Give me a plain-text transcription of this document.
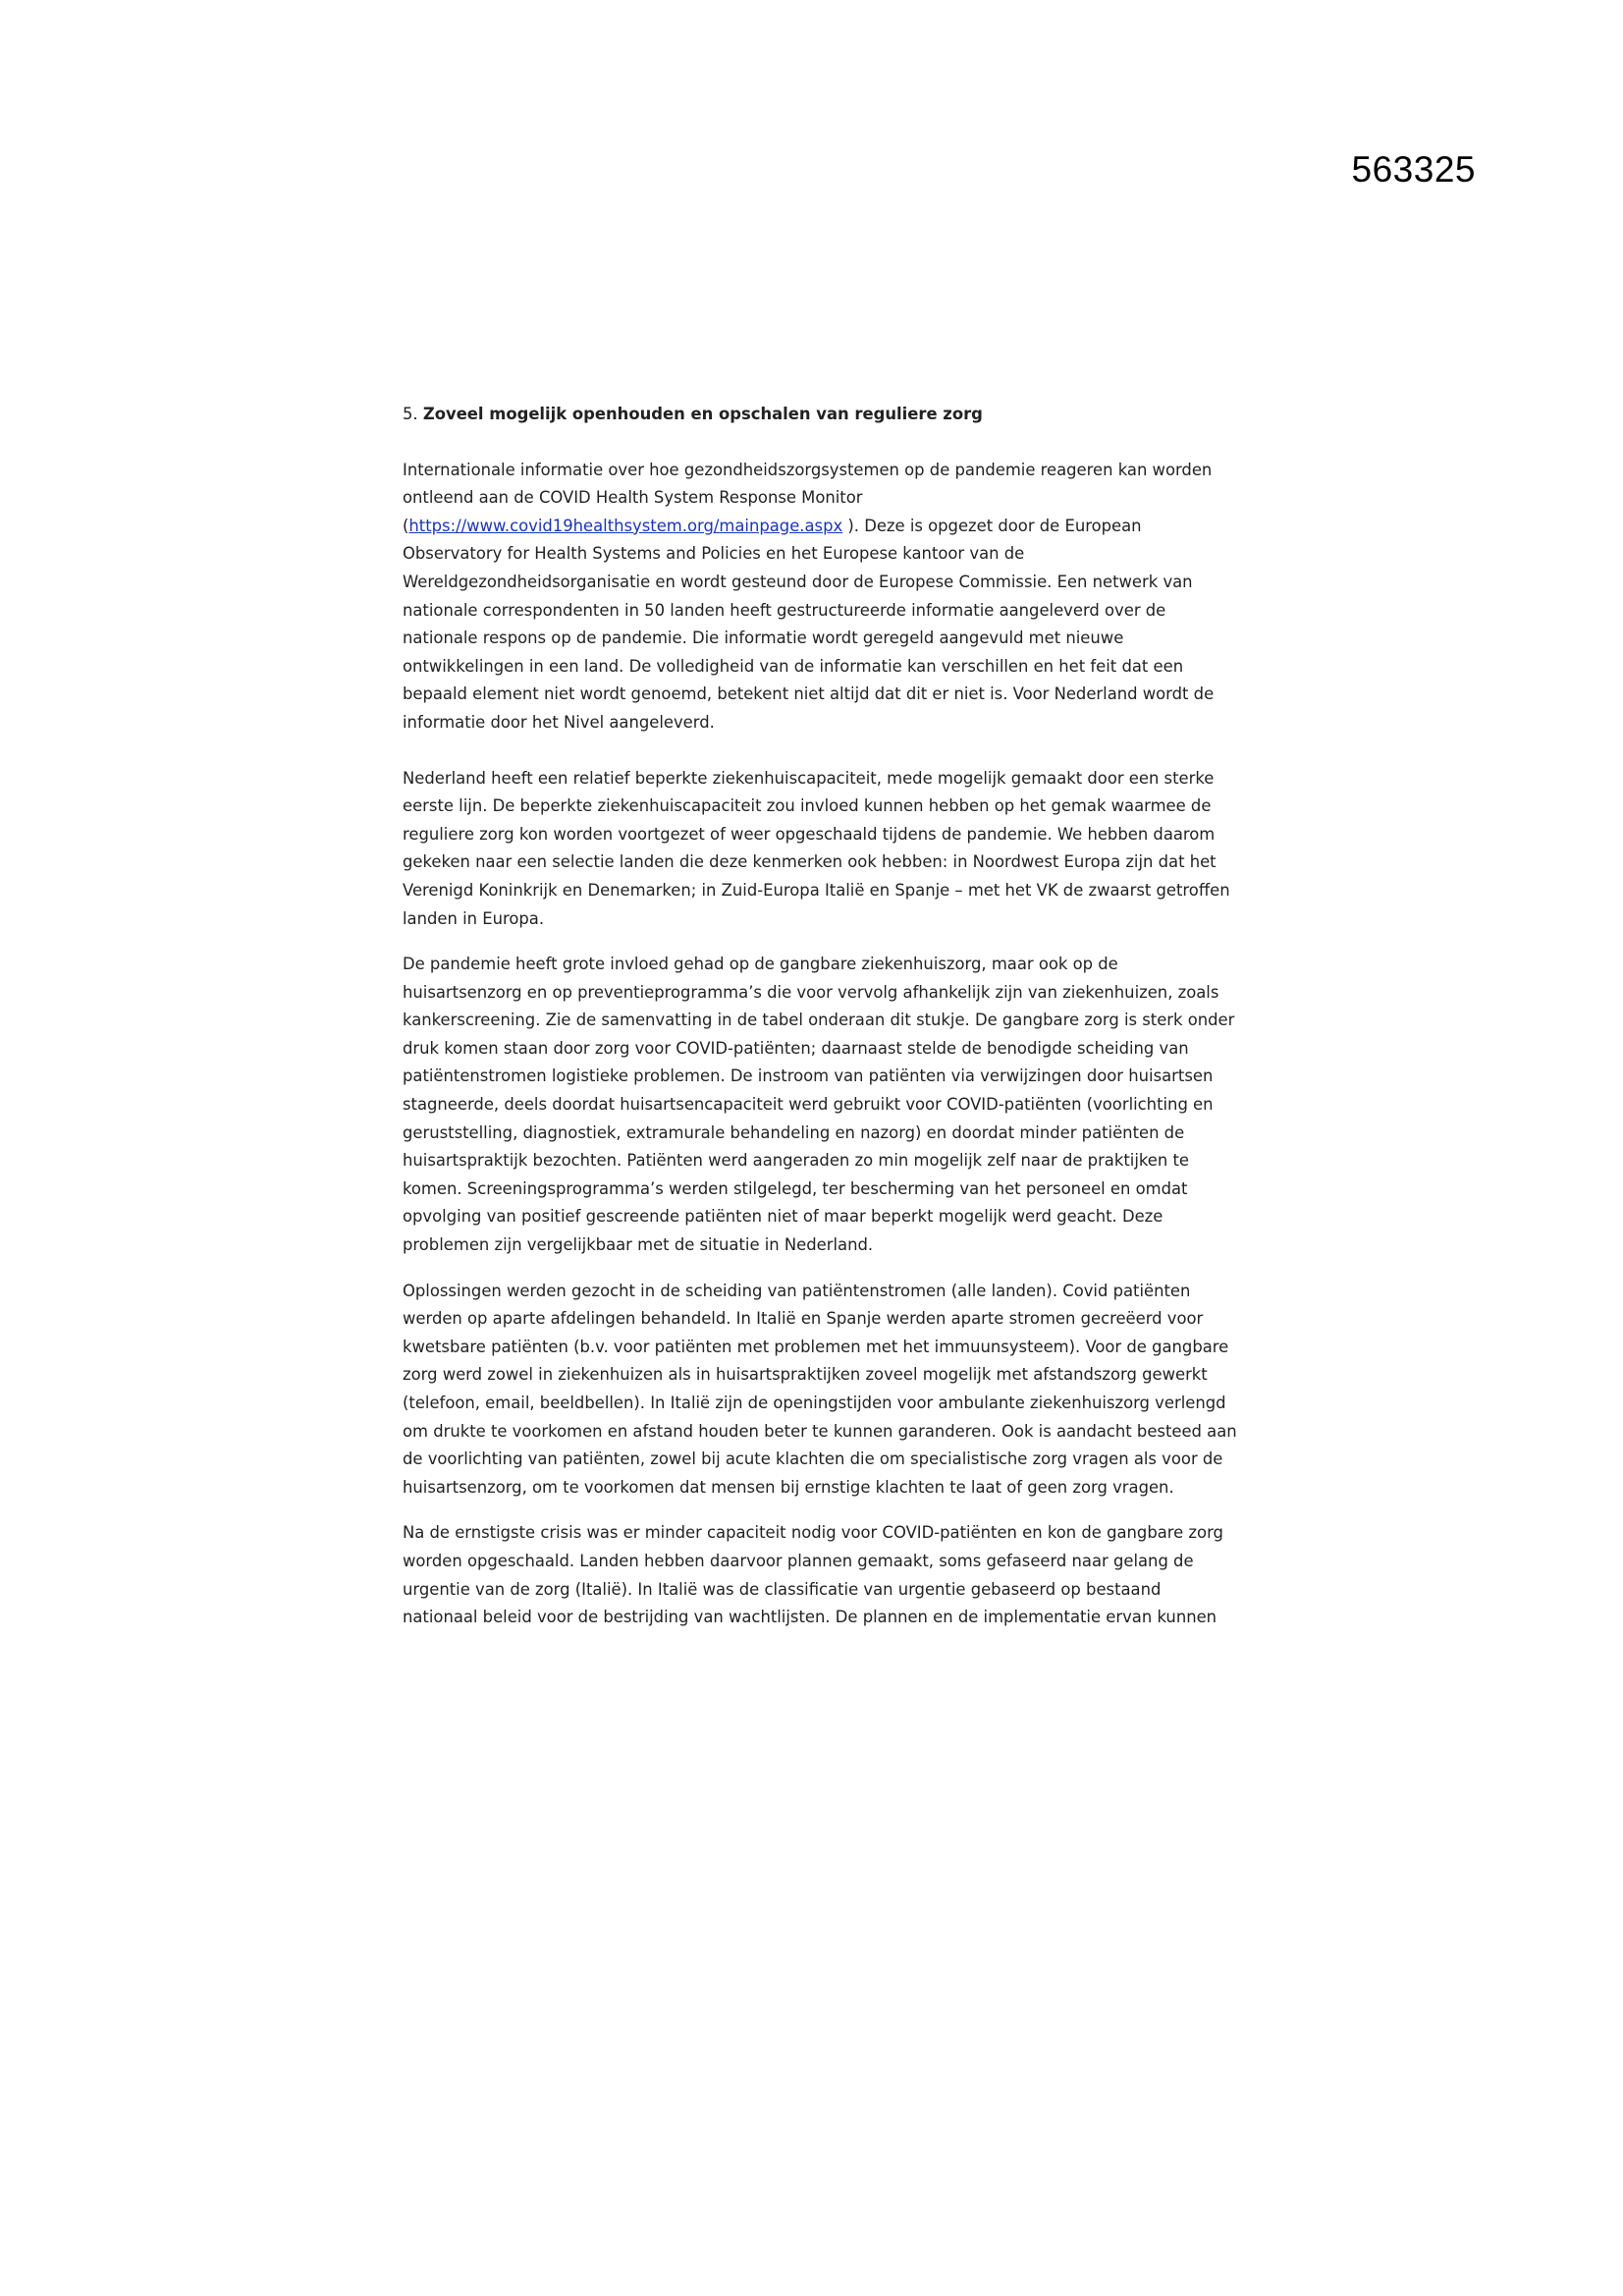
563325
5. Zoveel mogelijk openhouden en opschalen van reguliere zorg

Internationale informatie over hoe gezondheidszorgsystemen op de pandemie reageren kan worden ontleend aan de COVID Health System Response Monitor (https://www.covid19healthsystem.org/mainpage.aspx ). Deze is opgezet door de European Observatory for Health Systems and Policies en het Europese kantoor van de Wereldgezondheidsorganisatie en wordt gesteund door de Europese Commissie. Een netwerk van nationale correspondenten in 50 landen heeft gestructureerde informatie aangeleverd over de nationale respons op de pandemie. Die informatie wordt geregeld aangevuld met nieuwe ontwikkelingen in een land. De volledigheid van de informatie kan verschillen en het feit dat een bepaald element niet wordt genoemd, betekent niet altijd dat dit er niet is. Voor Nederland wordt de informatie door het Nivel aangeleverd.

Nederland heeft een relatief beperkte ziekenhuiscapaciteit, mede mogelijk gemaakt door een sterke eerste lijn. De beperkte ziekenhuiscapaciteit zou invloed kunnen hebben op het gemak waarmee de reguliere zorg kon worden voortgezet of weer opgeschaald tijdens de pandemie. We hebben daarom gekeken naar een selectie landen die deze kenmerken ook hebben: in Noordwest Europa zijn dat het Verenigd Koninkrijk en Denemarken; in Zuid-Europa Italië en Spanje – met het VK de zwaarst getroffen landen in Europa.

De pandemie heeft grote invloed gehad op de gangbare ziekenhuiszorg, maar ook op de huisartsenzorg en op preventieprogramma’s die voor vervolg afhankelijk zijn van ziekenhuizen, zoals kankerscreening. Zie de samenvatting in de tabel onderaan dit stukje. De gangbare zorg is sterk onder druk komen staan door zorg voor COVID-patiënten; daarnaast stelde de benodigde scheiding van patiëntenstromen logistieke problemen. De instroom van patiënten via verwijzingen door huisartsen stagneerde, deels doordat huisartsencapaciteit werd gebruikt voor COVID-patiënten (voorlichting en geruststelling, diagnostiek, extramurale behandeling en nazorg) en doordat minder patiënten de huisartspraktijk bezochten. Patiënten werd aangeraden zo min mogelijk zelf naar de praktijken te komen. Screeningsprogramma’s werden stilgelegd, ter bescherming van het personeel en omdat opvolging van positief gescreende patiënten niet of maar beperkt mogelijk werd geacht. Deze problemen zijn vergelijkbaar met de situatie in Nederland.

Oplossingen werden gezocht in de scheiding van patiëntenstromen (alle landen). Covid patiënten werden op aparte afdelingen behandeld. In Italië en Spanje werden aparte stromen gecreëerd voor kwetsbare patiënten (b.v. voor patiënten met problemen met het immuunsysteem). Voor de gangbare zorg werd zowel in ziekenhuizen als in huisartspraktijken zoveel mogelijk met afstandszorg gewerkt (telefoon, email, beeldbellen). In Italië zijn de openingstijden voor ambulante ziekenhuiszorg verlengd om drukte te voorkomen en afstand houden beter te kunnen garanderen. Ook is aandacht besteed aan de voorlichting van patiënten, zowel bij acute klachten die om specialistische zorg vragen als voor de huisartsenzorg, om te voorkomen dat mensen bij ernstige klachten te laat of geen zorg vragen.

Na de ernstigste crisis was er minder capaciteit nodig voor COVID-patiënten en kon de gangbare zorg worden opgeschaald. Landen hebben daarvoor plannen gemaakt, soms gefaseerd naar gelang de urgentie van de zorg (Italië). In Italië was de classificatie van urgentie gebaseerd op bestaand nationaal beleid voor de bestrijding van wachtlijsten. De plannen en de implementatie ervan kunnen
